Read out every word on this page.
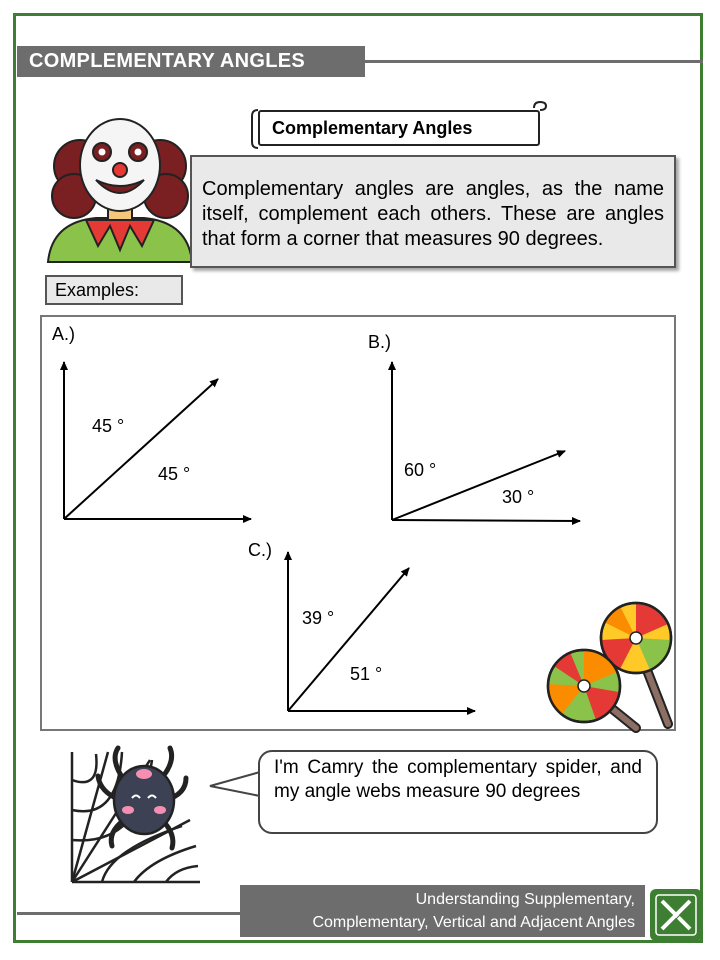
COMPLEMENTARY ANGLES
Complementary Angles
Complementary angles are angles, as the name itself, complement each others. These are angles that form a corner that measures 90 degrees.
Examples:
A.)
45 °
45 °
B.)
60 °
30 °
C.)
39 °
51 °
I'm Camry the complementary spider, and my angle webs measure 90 degrees
Understanding Supplementary,
Complementary, Vertical and Adjacent Angles
